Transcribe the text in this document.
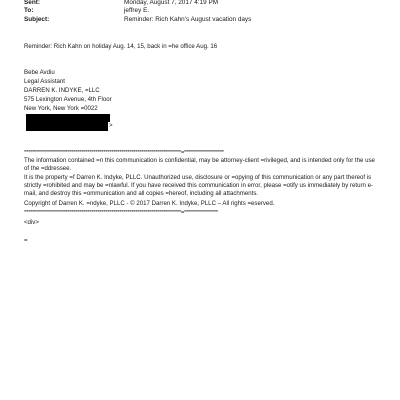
Sent:	Monday, August 7, 2017 4:19 PM
To:	jeffrey E.
Subject:	Reminder: Rich Kahn's August vacation days
Reminder: Rich Kahn on holiday Aug. 14, 15, back in =he office Aug. 16
Bebe Avdiu
Legal Assistant
DARREN K. INDYKE, =LLC
575 Lexington Avenue, 4th Floor
New York, New York =0022
>
*******************************************************************************=********************
The information contained =n this communication is confidential, may be attorney-client =rivileged, and is intended only for the use of the =ddressee.
It is the property =f Darren K. Indyke, PLLC. Unauthorized use, disclosure or =opying of this communication or any part thereof is strictly =rohibited and may be =nlawful. If you have received this communication in error, please =otify us immediately by return e-mail, and destroy this =ommunication and all copies =hereof, including all attachments.
Copyright of Darren K. =ndyke, PLLC - © 2017 Darren K. Indyke, PLLC – All rights =eserved.
*******************************************************************************=*****************
<div>
=
